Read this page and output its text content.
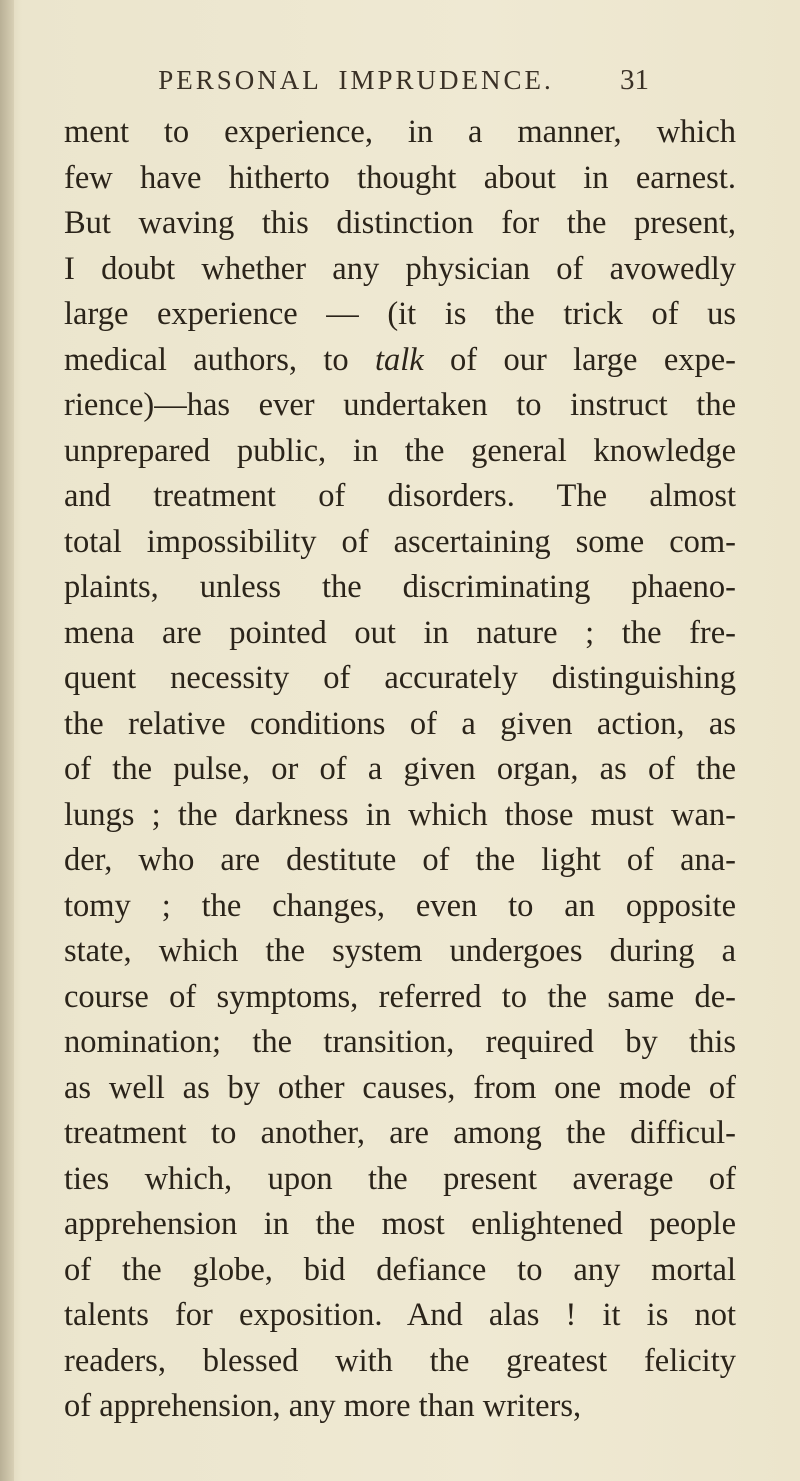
PERSONAL IMPRUDENCE.	31
ment to experience, in a manner, which
few have hitherto thought about in earnest.
But waving this distinction for the present,
I doubt whether any physician of avowedly
large experience — (it is the trick of us
medical authors, to talk of our large expe-
rience)—has ever undertaken to instruct the
unprepared public, in the general knowledge
and treatment of disorders. The almost
total impossibility of ascertaining some com-
plaints, unless the discriminating phaeno-
mena are pointed out in nature ; the fre-
quent necessity of accurately distinguishing
the relative conditions of a given action, as
of the pulse, or of a given organ, as of the
lungs ; the darkness in which those must wan-
der, who are destitute of the light of ana-
tomy ; the changes, even to an opposite
state, which the system undergoes during a
course of symptoms, referred to the same de-
nomination; the transition, required by this
as well as by other causes, from one mode of
treatment to another, are among the difficul-
ties which, upon the present average of
apprehension in the most enlightened people
of the globe, bid defiance to any mortal
talents for exposition. And alas ! it is not
readers, blessed with the greatest felicity
of apprehension, any more than writers,
